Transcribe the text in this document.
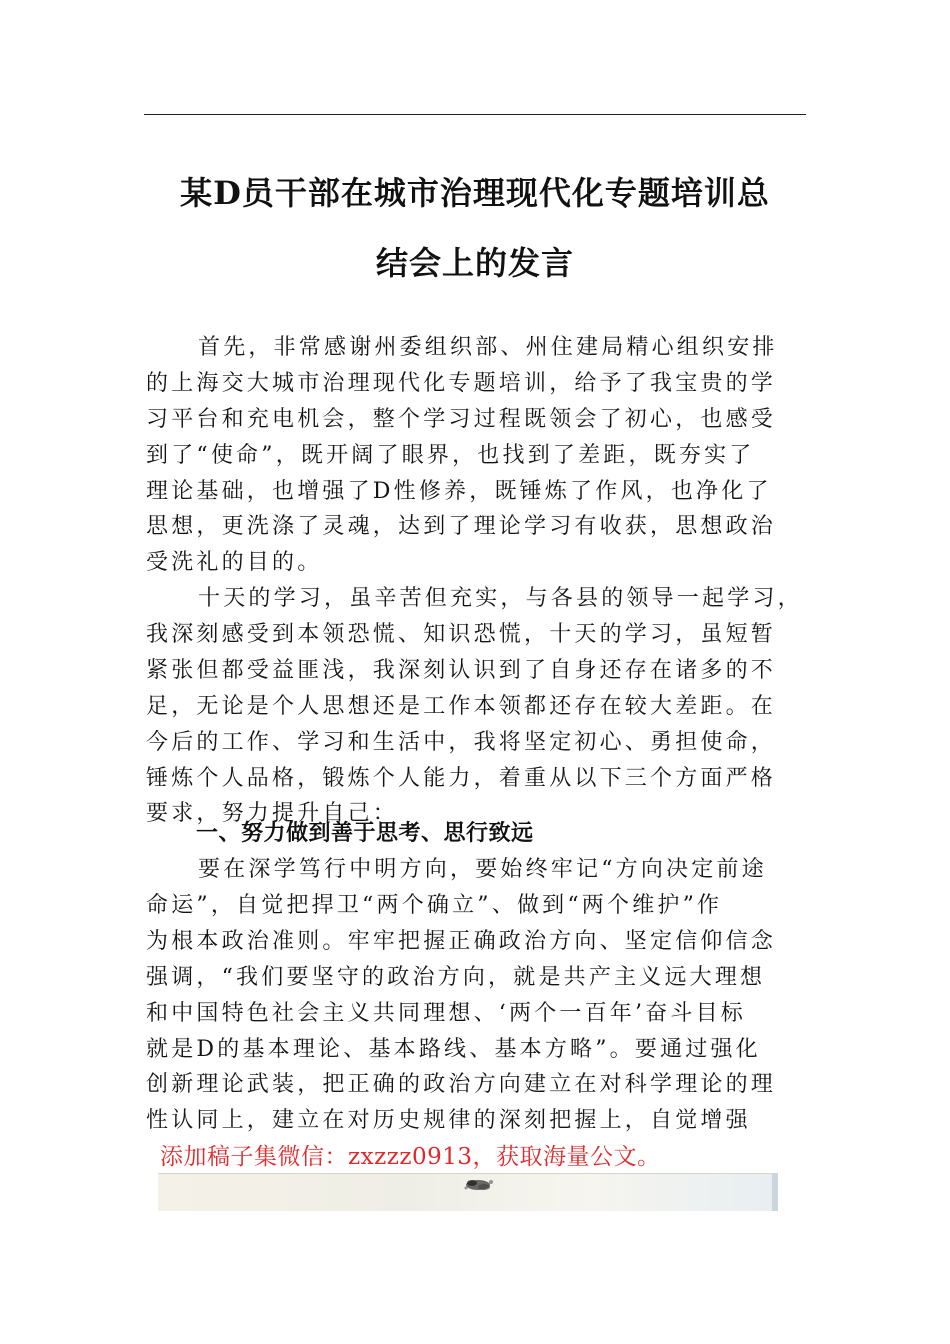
某D员干部在城市治理现代化专题培训总
结会上的发言
首先，非常感谢州委组织部、州住建局精心组织安排
的上海交大城市治理现代化专题培训，给予了我宝贵的学
习平台和充电机会，整个学习过程既领会了初心，也感受
到了“使命”，既开阔了眼界，也找到了差距，既夯实了
理论基础，也增强了D性修养，既锤炼了作风，也净化了
思想，更洗涤了灵魂，达到了理论学习有收获，思想政治
受洗礼的目的。
十天的学习，虽辛苦但充实，与各县的领导一起学习，
我深刻感受到本领恐慌、知识恐慌，十天的学习，虽短暂
紧张但都受益匪浅，我深刻认识到了自身还存在诸多的不
足，无论是个人思想还是工作本领都还存在较大差距。在
今后的工作、学习和生活中，我将坚定初心、勇担使命，
锤炼个人品格，锻炼个人能力，着重从以下三个方面严格
要求，努力提升自己：
一、努力做到善于思考、思行致远
要在深学笃行中明方向，要始终牢记“方向决定前途
命运”，自觉把捍卫“两个确立”、做到“两个维护”作
为根本政治准则。牢牢把握正确政治方向、坚定信仰信念
强调，“我们要坚守的政治方向，就是共产主义远大理想
和中国特色社会主义共同理想、‘两个一百年’奋斗目标
就是D的基本理论、基本路线、基本方略”。要通过强化
创新理论武装，把正确的政治方向建立在对科学理论的理
性认同上，建立在对历史规律的深刻把握上，自觉增强
添加稿子集微信：zxzzz0913，获取海量公文。
